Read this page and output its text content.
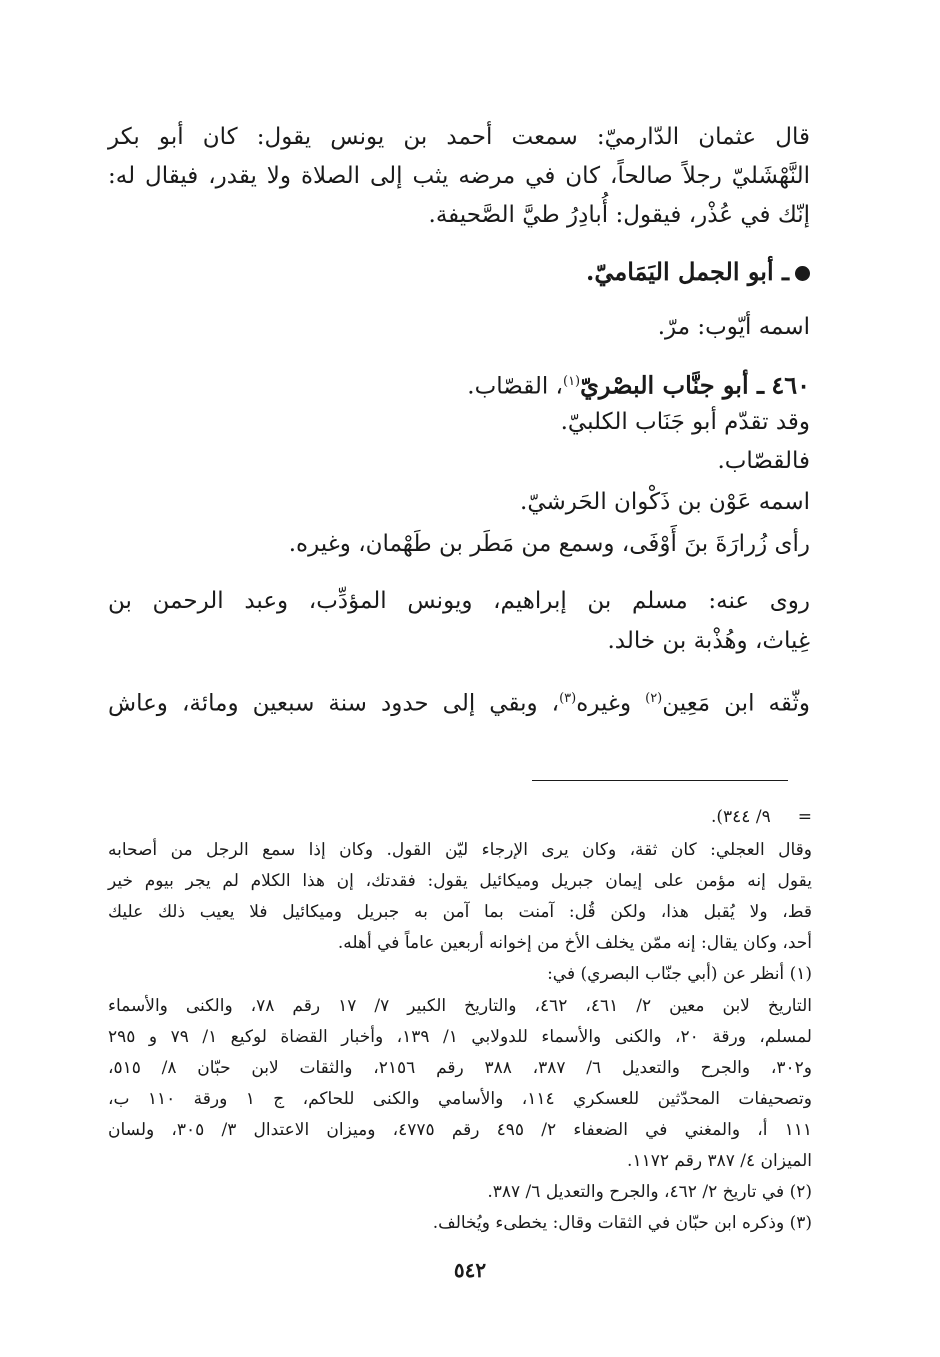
قال عثمان الدّارميّ: سمعت أحمد بن يونس يقول: كان أبو بكر

النَّهْشَليّ رجلاً صالحاً، كان في مرضه يثب إلى الصلاة ولا يقدر، فيقال له:

إنّك في عُذْر، فيقول: أُبادِرُ طيَّ الصَّحيفة.

ـ أبو الجمل اليَمَاميّ.

اسمه أيّوب: مرّ.

٤٦٠ ـ أبو جنَّاب البصْريّ$^{(١)}$، القصّاب.

وقد تقدّم أبو جَنَاب الكلبيّ.

فالقصّاب.

اسمه عَوْن بن ذَكْوان الحَرشيّ.

رأى زُرارَةَ بنَ أَوْفَى، وسمع من مَطَر بن طَهْمان، وغيره.

روى عنه: مسلم بن إبراهيم، ويونس المؤدِّب، وعبد الرحمن بن

غِياث، وهُذْبة بن خالد.

وثّقه ابن مَعِين$^{(٢)}$ وغيره$^{(٣)}$، وبقي إلى حدود سنة سبعين ومائة، وعاش

=     ٩/ ٣٤٤).

وقال العجلي: كان ثقة، وكان يرى الإرجاء ليّن القول. وكان إذا سمع الرجل من أصحابه

يقول إنه مؤمن على إيمان جبريل وميكائيل يقول: فقدتك، إن هذا الكلام لم يجر بيوم خير

قط، ولا يُقبل هذا، ولكن قُل: آمنت بما آمن به جبريل وميكائيل فلا يعيب ذلك عليك

أحد، وكان يقال: إنه ممّن يخلف الأخ من إخوانه أربعين عاماً في أهله.

(١) أنظر عن (أبي جنّاب البصري) في:

التاريخ لابن معين ٢/ ٤٦١، ٤٦٢، والتاريخ الكبير ٧/ ١٧ رقم ٧٨، والكنى والأسماء

لمسلم، ورقة ٢٠، والكنى والأسماء للدولابي ١/ ١٣٩، وأخبار القضاة لوكيع ١/ ٧٩ و ٢٩٥

و٣٠٢، والجرح والتعديل ٦/ ٣٨٧، ٣٨٨ رقم ٢١٥٦، والثقات لابن حبّان ٨/ ٥١٥،

وتصحيفات المحدّثين للعسكري ١١٤، والأسامي والكنى للحاكم، ج ١ ورقة ١١٠ ب،

١١١ أ، والمغني في الضعفاء ٢/ ٤٩٥ رقم ٤٧٧٥، وميزان الاعتدال ٣/ ٣٠٥، ولسان

الميزان ٤/ ٣٨٧ رقم ١١٧٢.

(٢) في تاريخ ٢/ ٤٦٢، والجرح والتعديل ٦/ ٣٨٧.

(٣) وذكره ابن حبّان في الثقات وقال: يخطىء ويُخالف.

٥٤٢
